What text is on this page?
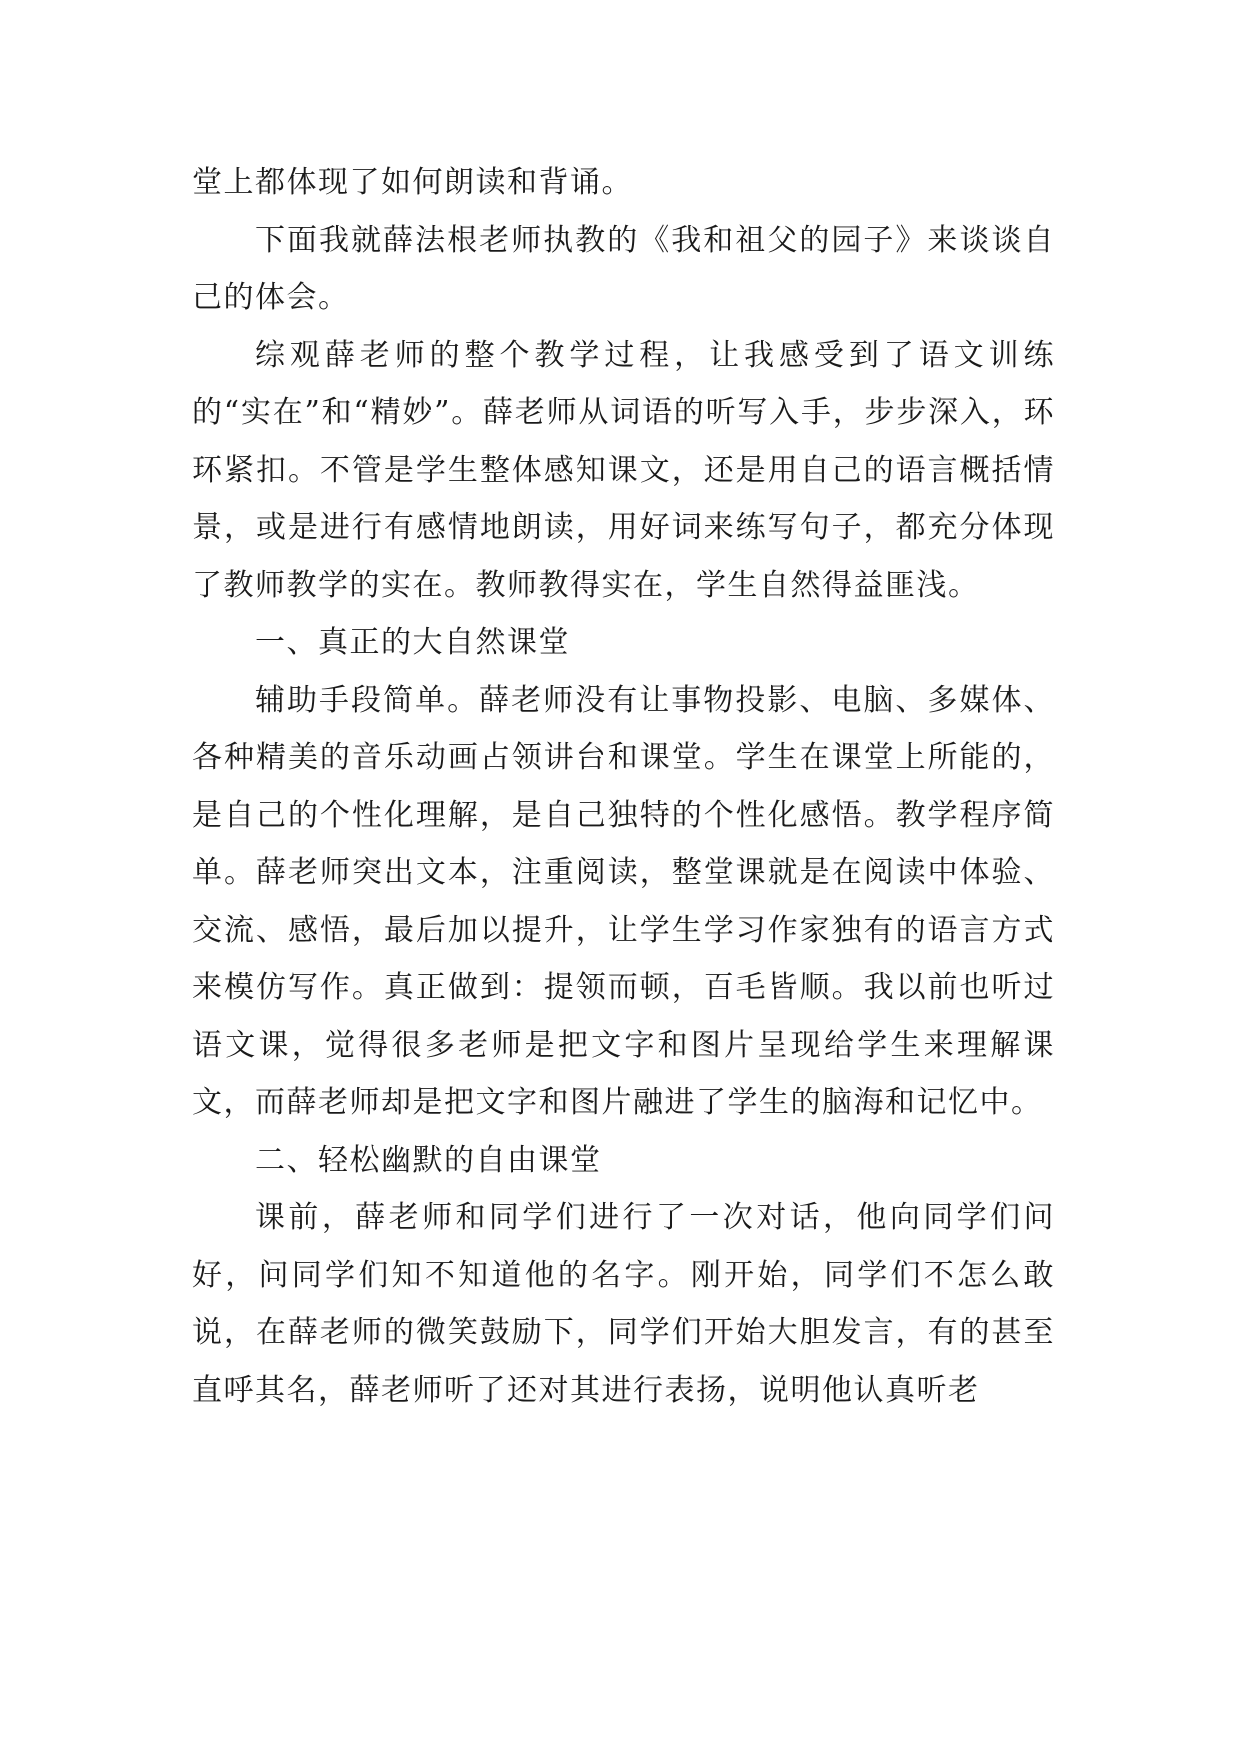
堂上都体现了如何朗读和背诵。

下面我就薛法根老师执教的《我和祖父的园子》来谈谈自己的体会。

综观薛老师的整个教学过程，让我感受到了语文训练的“实在”和“精妙”。薛老师从词语的听写入手，步步深入，环环紧扣。不管是学生整体感知课文，还是用自己的语言概括情景，或是进行有感情地朗读，用好词来练写句子，都充分体现了教师教学的实在。教师教得实在，学生自然得益匪浅。

一、真正的大自然课堂

辅助手段简单。薛老师没有让事物投影、电脑、多媒体、各种精美的音乐动画占领讲台和课堂。学生在课堂上所能的，是自己的个性化理解，是自己独特的个性化感悟。教学程序简单。薛老师突出文本，注重阅读，整堂课就是在阅读中体验、交流、感悟，最后加以提升，让学生学习作家独有的语言方式来模仿写作。真正做到：提领而顿，百毛皆顺。我以前也听过语文课，觉得很多老师是把文字和图片呈现给学生来理解课文，而薛老师却是把文字和图片融进了学生的脑海和记忆中。

二、轻松幽默的自由课堂

课前，薛老师和同学们进行了一次对话，他向同学们问好，问同学们知不知道他的名字。刚开始，同学们不怎么敢说，在薛老师的微笑鼓励下，同学们开始大胆发言，有的甚至直呼其名，薛老师听了还对其进行表扬，说明他认真听老
